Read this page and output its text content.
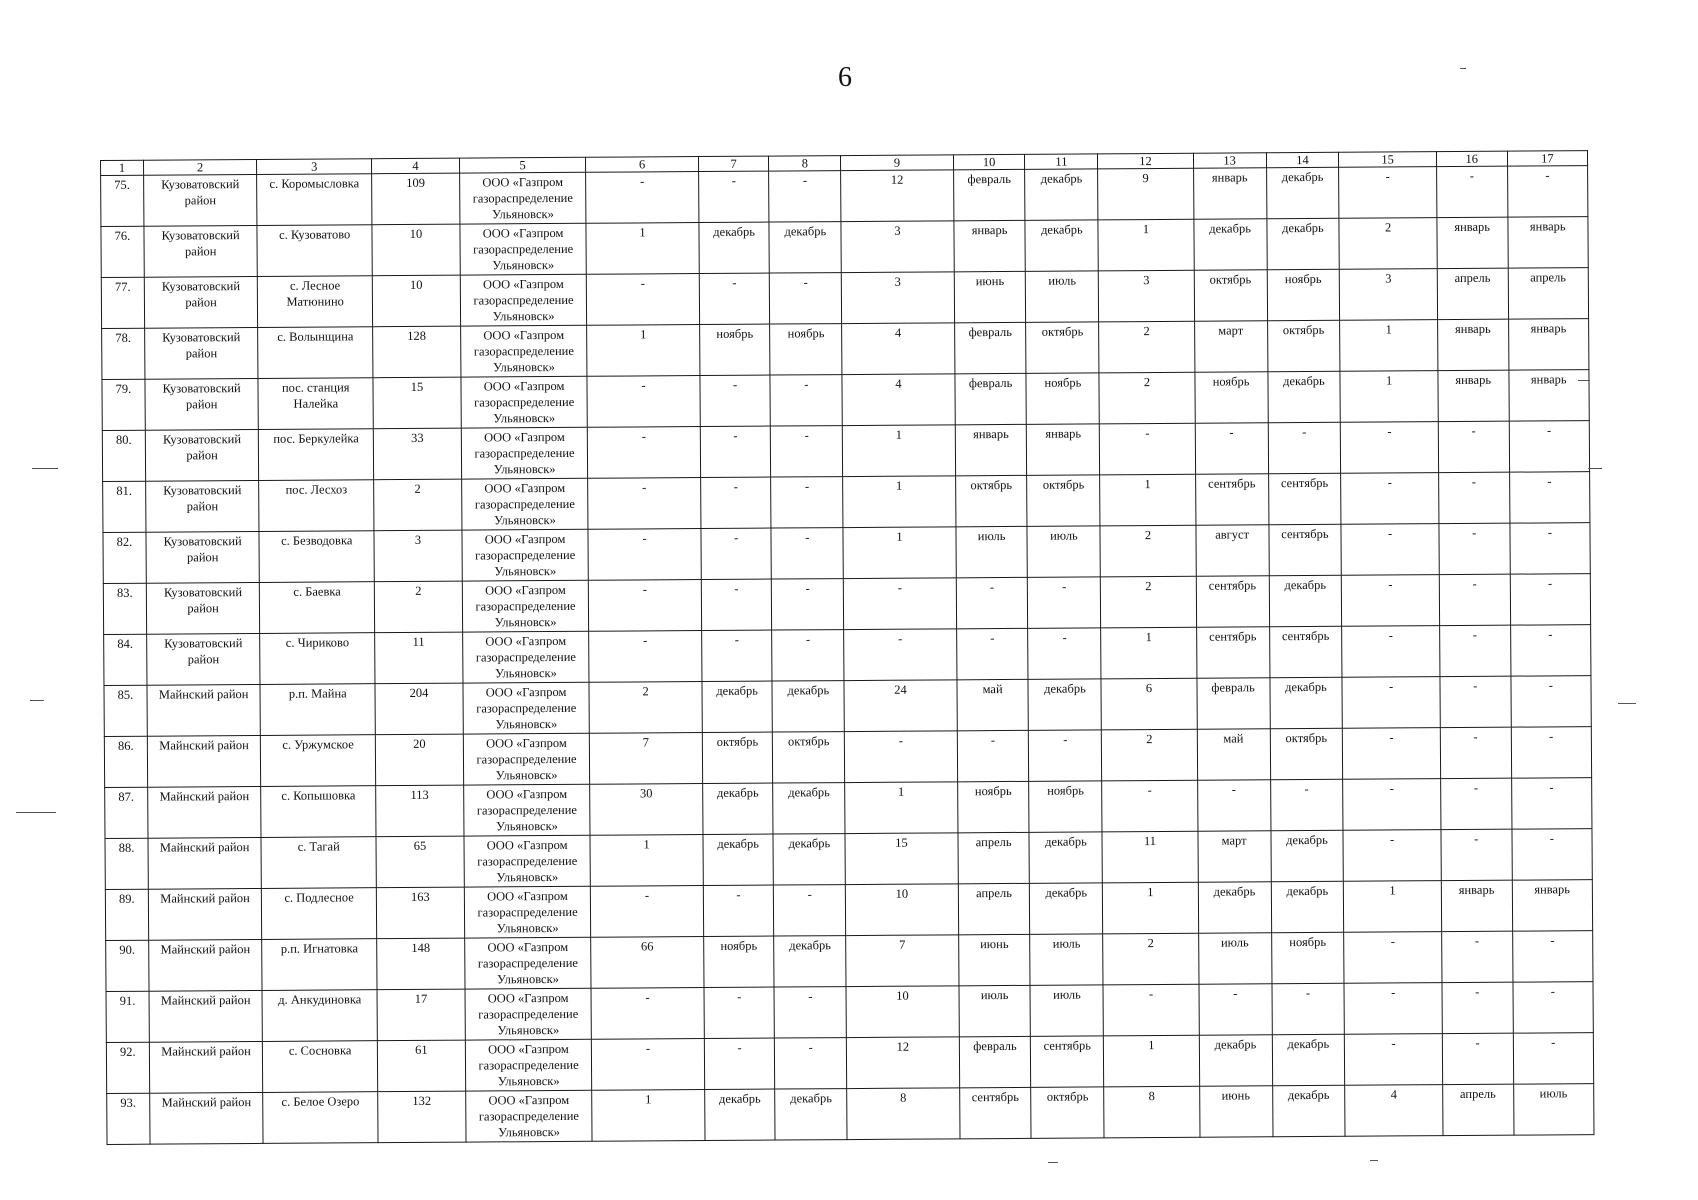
6
1	2	3	4	5	6	7	8	9	10	11	12	13	14	15	16	17
75.	Кузоватовский район	с. Коромысловка	109	ООО «Газпром газораспределение Ульяновск»	-	-	-	12	февраль	декабрь	9	январь	декабрь	-	-	-
76.	Кузоватовский район	с. Кузоватово	10	ООО «Газпром газораспределение Ульяновск»	1	декабрь	декабрь	3	январь	декабрь	1	декабрь	декабрь	2	январь	январь
77.	Кузоватовский район	с. Лесное Матюнино	10	ООО «Газпром газораспределение Ульяновск»	-	-	-	3	июнь	июль	3	октябрь	ноябрь	3	апрель	апрель
78.	Кузоватовский район	с. Волынщина	128	ООО «Газпром газораспределение Ульяновск»	1	ноябрь	ноябрь	4	февраль	октябрь	2	март	октябрь	1	январь	январь
79.	Кузоватовский район	пос. станция Налейка	15	ООО «Газпром газораспределение Ульяновск»	-	-	-	4	февраль	ноябрь	2	ноябрь	декабрь	1	январь	январь
80.	Кузоватовский район	пос. Беркулейка	33	ООО «Газпром газораспределение Ульяновск»	-	-	-	1	январь	январь	-	-	-	-	-	-
81.	Кузоватовский район	пос. Лесхоз	2	ООО «Газпром газораспределение Ульяновск»	-	-	-	1	октябрь	октябрь	1	сентябрь	сентябрь	-	-	-
82.	Кузоватовский район	с. Безводовка	3	ООО «Газпром газораспределение Ульяновск»	-	-	-	1	июль	июль	2	август	сентябрь	-	-	-
83.	Кузоватовский район	с. Баевка	2	ООО «Газпром газораспределение Ульяновск»	-	-	-	-	-	-	2	сентябрь	декабрь	-	-	-
84.	Кузоватовский район	с. Чириково	11	ООО «Газпром газораспределение Ульяновск»	-	-	-	-	-	-	1	сентябрь	сентябрь	-	-	-
85.	Майнский район	р.п. Майна	204	ООО «Газпром газораспределение Ульяновск»	2	декабрь	декабрь	24	май	декабрь	6	февраль	декабрь	-	-	-
86.	Майнский район	с. Уржумское	20	ООО «Газпром газораспределение Ульяновск»	7	октябрь	октябрь	-	-	-	2	май	октябрь	-	-	-
87.	Майнский район	с. Копышовка	113	ООО «Газпром газораспределение Ульяновск»	30	декабрь	декабрь	1	ноябрь	ноябрь	-	-	-	-	-	-
88.	Майнский район	с. Тагай	65	ООО «Газпром газораспределение Ульяновск»	1	декабрь	декабрь	15	апрель	декабрь	11	март	декабрь	-	-	-
89.	Майнский район	с. Подлесное	163	ООО «Газпром газораспределение Ульяновск»	-	-	-	10	апрель	декабрь	1	декабрь	декабрь	1	январь	январь
90.	Майнский район	р.п. Игнатовка	148	ООО «Газпром газораспределение Ульяновск»	66	ноябрь	декабрь	7	июнь	июль	2	июль	ноябрь	-	-	-
91.	Майнский район	д. Анкудиновка	17	ООО «Газпром газораспределение Ульяновск»	-	-	-	10	июль	июль	-	-	-	-	-	-
92.	Майнский район	с. Сосновка	61	ООО «Газпром газораспределение Ульяновск»	-	-	-	12	февраль	сентябрь	1	декабрь	декабрь	-	-	-
93.	Майнский район	с. Белое Озеро	132	ООО «Газпром газораспределение Ульяновск»	1	декабрь	декабрь	8	сентябрь	октябрь	8	июнь	декабрь	4	апрель	июль
